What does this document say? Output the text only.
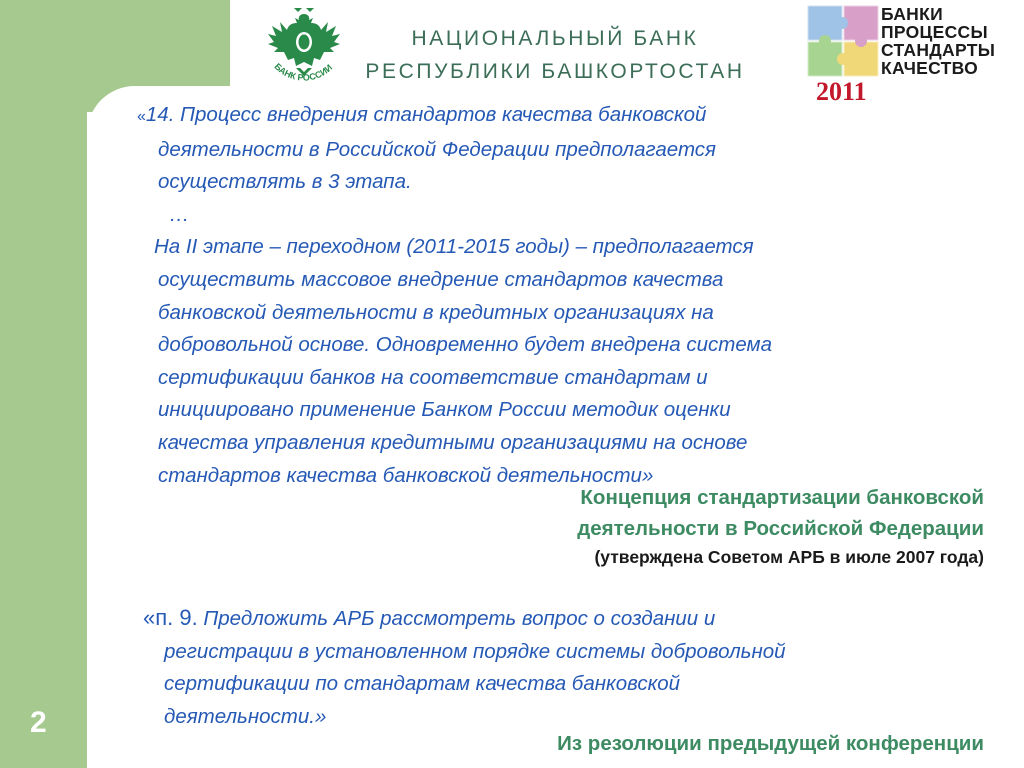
БАНК РОССИИ
НАЦИОНАЛЬНЫЙ БАНК
РЕСПУБЛИКИ БАШКОРТОСТАН
2011
БАНКИ
ПРОЦЕССЫ
СТАНДАРТЫ
КАЧЕСТВО
2

«14. Процесс внедрения стандартов качества банковской

деятельности в Российской Федерации предполагается

осуществлять в 3 этапа.

…

На II этапе – переходном (2011-2015 годы) – предполагается

осуществить массовое внедрение стандартов качества

банковской деятельности в кредитных организациях на

добровольной основе. Одновременно будет внедрена система

сертификации банков на соответствие стандартам и

инициировано применение Банком России методик оценки

качества управления кредитными организациями на основе

стандартов качества банковской деятельности»

Концепция стандартизации банковской
деятельности в Российской Федерации
(утверждена Советом АРБ в июле 2007 года)

«п. 9. Предложить АРБ рассмотреть вопрос о создании и

регистрации в установленном порядке системы добровольной

сертификации по стандартам качества банковской

деятельности.»

Из резолюции предыдущей конференции
